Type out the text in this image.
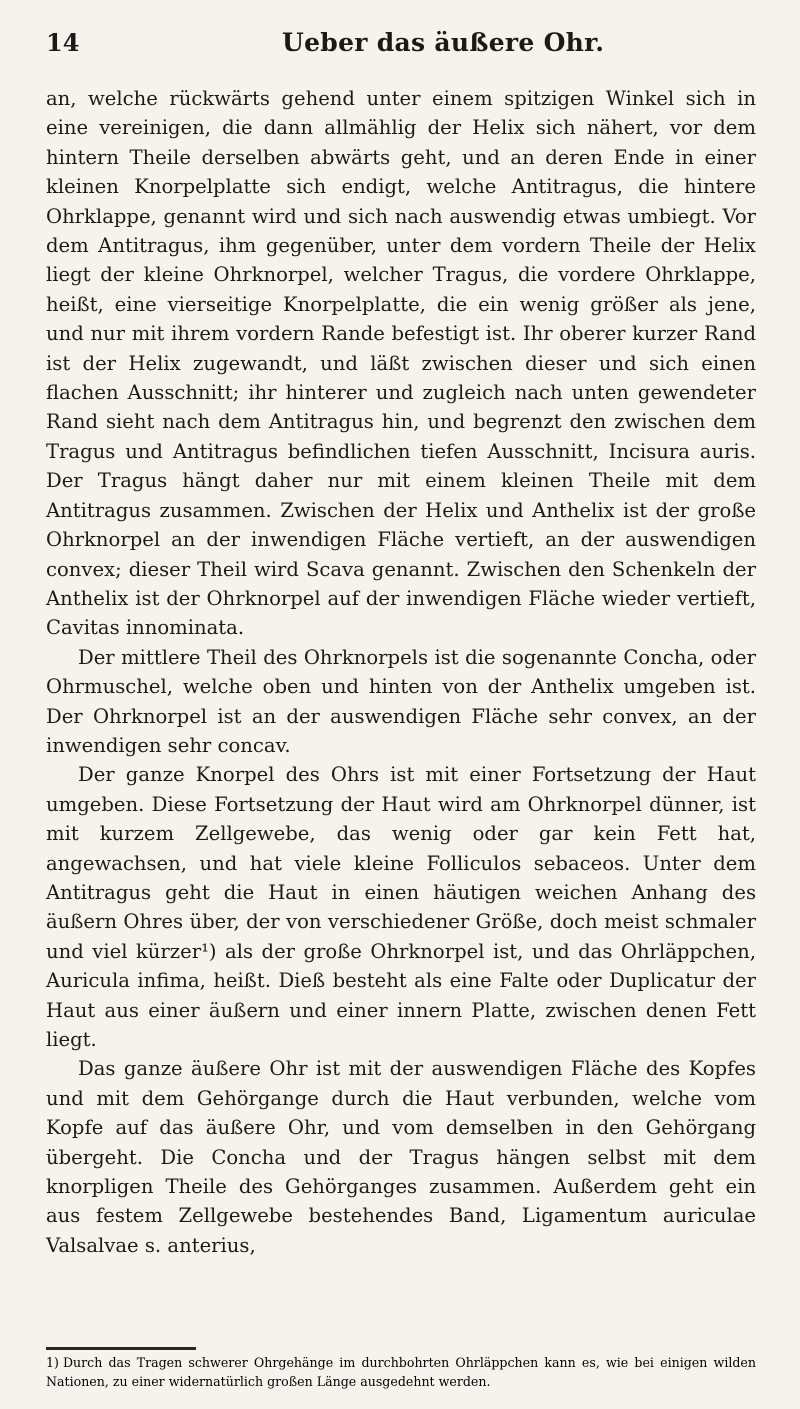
14	Ueber das äußere Ohr.

an, welche rückwärts gehend unter einem spitzigen Winkel sich in eine vereinigen, die dann allmählig der Helix sich nähert, vor dem hintern Theile derselben abwärts geht, und an deren Ende in einer kleinen Knorpelplatte sich endigt, welche Antitragus, die hintere Ohrklappe, genannt wird und sich nach auswendig etwas umbiegt. Vor dem Antitragus, ihm gegenüber, unter dem vordern Theile der Helix liegt der kleine Ohrknorpel, welcher Tragus, die vordere Ohrklappe, heißt, eine vierseitige Knorpelplatte, die ein wenig größer als jene, und nur mit ihrem vordern Rande befestigt ist. Ihr oberer kurzer Rand ist der Helix zugewandt, und läßt zwischen dieser und sich einen flachen Ausschnitt; ihr hinterer und zugleich nach unten gewendeter Rand sieht nach dem Antitragus hin, und begrenzt den zwischen dem Tragus und Antitragus befindlichen tiefen Ausschnitt, Incisura auris. Der Tragus hängt daher nur mit einem kleinen Theile mit dem Antitragus zusammen. Zwischen der Helix und Anthelix ist der große Ohrknorpel an der inwendigen Fläche vertieft, an der auswendigen convex; dieser Theil wird Scava genannt. Zwischen den Schenkeln der Anthelix ist der Ohrknorpel auf der inwendigen Fläche wieder vertieft, Cavitas innominata.

Der mittlere Theil des Ohrknorpels ist die sogenannte Concha, oder Ohrmuschel, welche oben und hinten von der Anthelix umgeben ist. Der Ohrknorpel ist an der auswendigen Fläche sehr convex, an der inwendigen sehr concav.

Der ganze Knorpel des Ohrs ist mit einer Fortsetzung der Haut umgeben. Diese Fortsetzung der Haut wird am Ohrknorpel dünner, ist mit kurzem Zellgewebe, das wenig oder gar kein Fett hat, angewachsen, und hat viele kleine Folliculos sebaceos. Unter dem Antitragus geht die Haut in einen häutigen weichen Anhang des äußern Ohres über, der von verschiedener Größe, doch meist schmaler und viel kürzer¹) als der große Ohrknorpel ist, und das Ohrläppchen, Auricula infima, heißt. Dieß besteht als eine Falte oder Duplicatur der Haut aus einer äußern und einer innern Platte, zwischen denen Fett liegt.

Das ganze äußere Ohr ist mit der auswendigen Fläche des Kopfes und mit dem Gehörgange durch die Haut verbunden, welche vom Kopfe auf das äußere Ohr, und vom demselben in den Gehörgang übergeht. Die Concha und der Tragus hängen selbst mit dem knorpligen Theile des Gehörganges zusammen. Außerdem geht ein aus festem Zellgewebe bestehendes Band, Ligamentum auriculae Valsalvae s. anterius,

1) Durch das Tragen schwerer Ohrgehänge im durchbohrten Ohrläppchen kann es, wie bei einigen wilden Nationen, zu einer widernatürlich großen Länge ausgedehnt werden.
